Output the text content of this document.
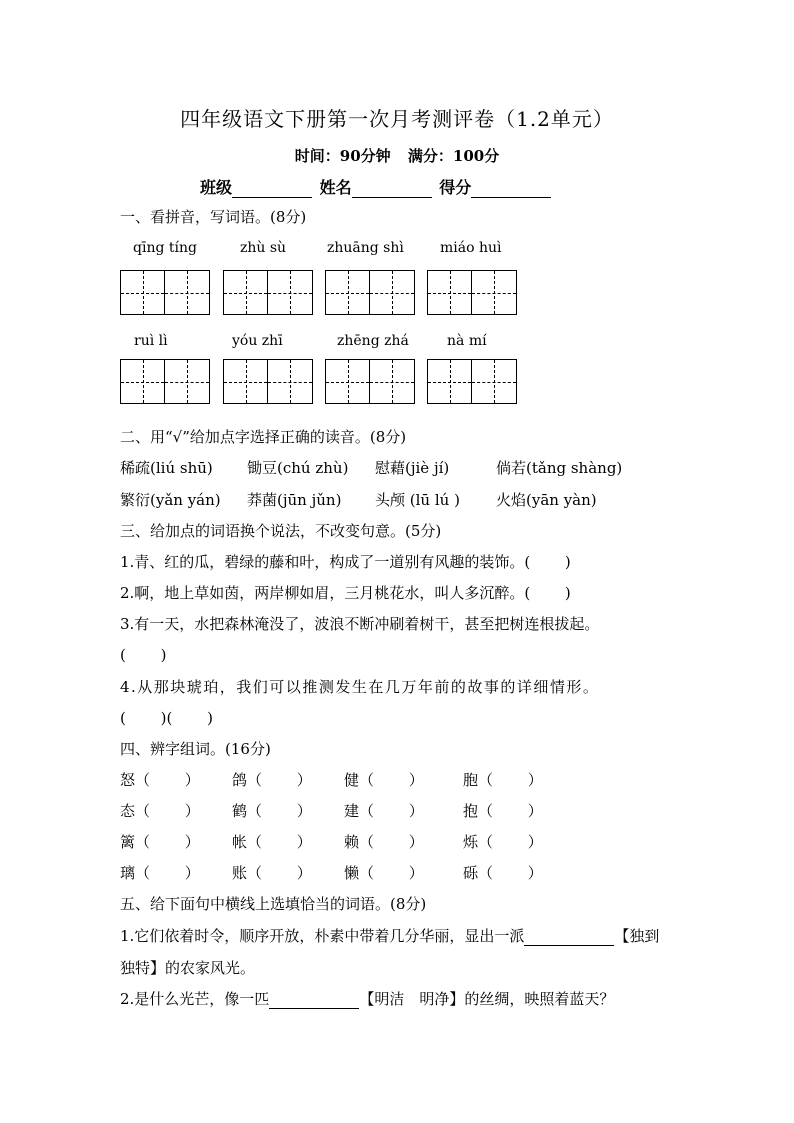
四年级语文下册第一次月考测评卷（1.2单元）
时间：90分钟 满分：100分
班级	姓名	得分
一、看拼音，写词语。(8分)
qīng tíng	zhù sù	zhuāng shì	miáo huì
ruì lì	yóu zhī	zhēng zhá	nà mí
二、用“√”给加点字选择正确的读音。(8分)
稀疏(liú shū) 锄豆(chú zhù) 慰藉(jiè jí)	倘若(tǎng shàng)
繁衍(yǎn yán) 莽菌(jūn jǔn) 头颅 (lū lú ) 火焰(yān yàn)
三、给加点的词语换个说法，不改变句意。(5分)
1.青、红的瓜，碧绿的藤和叶，构成了一道别有风趣的装饰。(　　 )
2.啊，地上草如茵，两岸柳如眉，三月桃花水，叫人多沉醉。(　　 )
3.有一天，水把森林淹没了，波浪不断冲刷着树干，甚至把树连根拔起。
(　　 )
4.从那块琥珀，我们可以推测发生在几万年前的故事的详细情形。
(　　 )(　　 )
四、辨字组词。(16分)
怒（　　 ） 鸽（　　 ） 健（　　 ）	胞（　　 ）
态（　　 ） 鹤（　　 ） 建（　　 ）	抱（　　 ）
篱（　　 ） 帐（　　 ） 赖（　　 ）	烁（　　 ）
璃（　　 ） 账（　　 ） 懒（　　 ）	砾（　　 ）
五、给下面句中横线上选填恰当的词语。(8分)
1.它们依着时令，顺序开放，朴素中带着几分华丽，显出一派	【独到
独特】的农家风光。
2.是什么光芒，像一匹	【明洁　明净】的丝绸，映照着蓝天？
